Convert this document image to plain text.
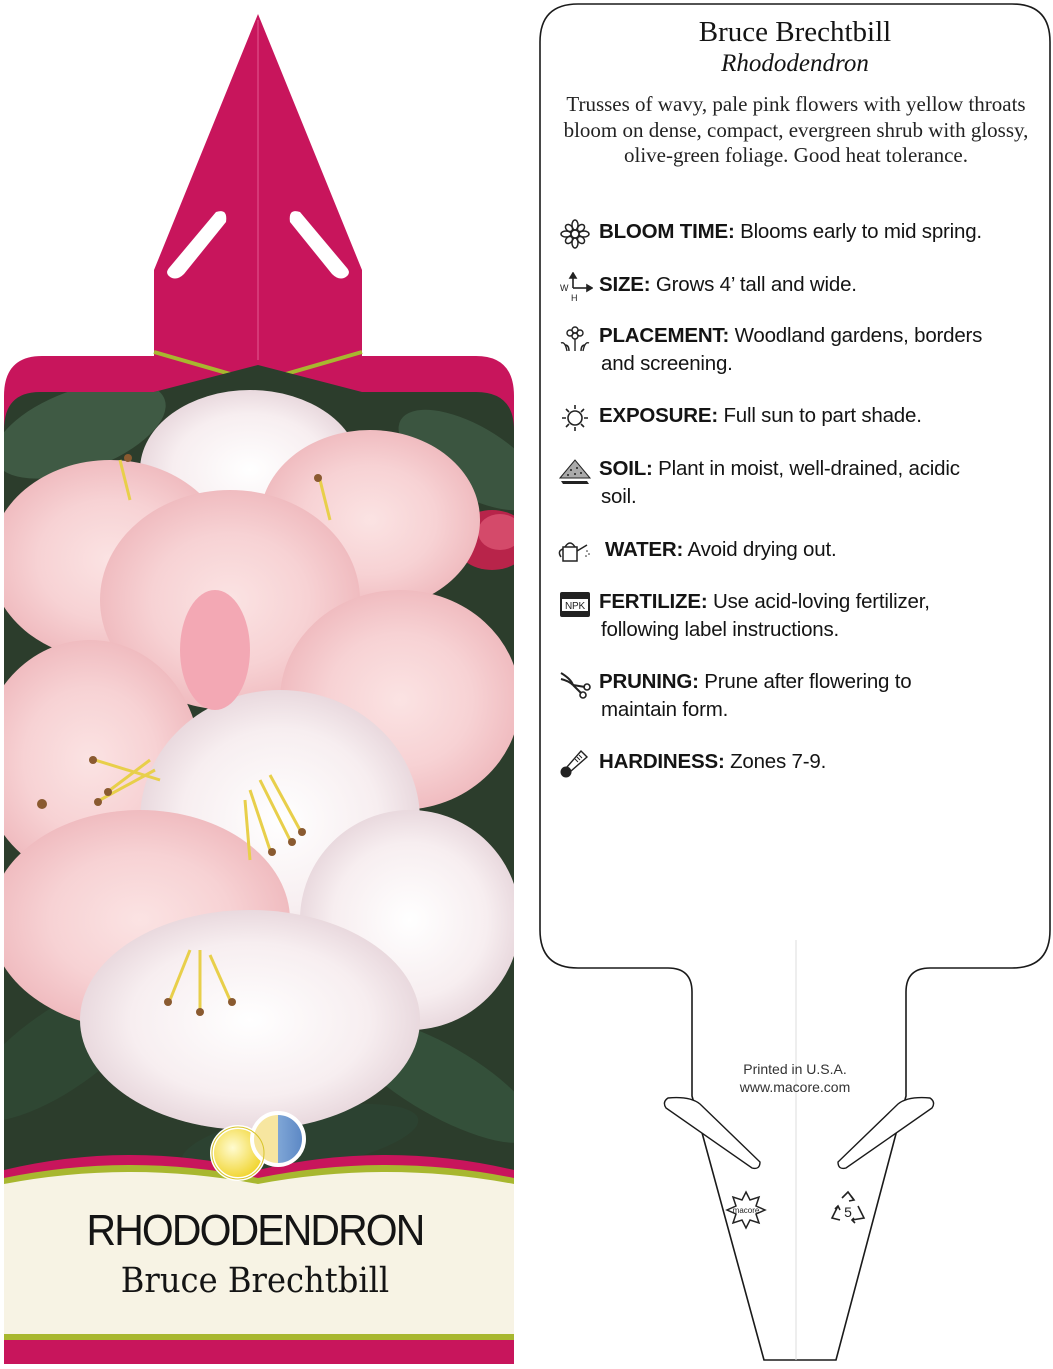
RHODODENDRON
Bruce Brechtbill
Bruce Brechtbill
Rhododendron
Trusses of wavy, pale pink flowers with yellow throats bloom on dense, compact, evergreen shrub with glossy, olive-green foliage. Good heat tolerance.
BLOOM TIME: Blooms early to mid spring.
W
H
SIZE: Grows 4’ tall and wide.
PLACEMENT: Woodland gardens, borders
and screening.
EXPOSURE: Full sun to part shade.
SOIL: Plant in moist, well-drained, acidic
soil.
WATER: Avoid drying out.
NPK FERTILIZE: Use acid-loving fertilizer,
following label instructions.
PRUNING: Prune after flowering to
maintain form.
HARDINESS: Zones 7-9.
Printed in U.S.A.
www.macore.com
macore	5
